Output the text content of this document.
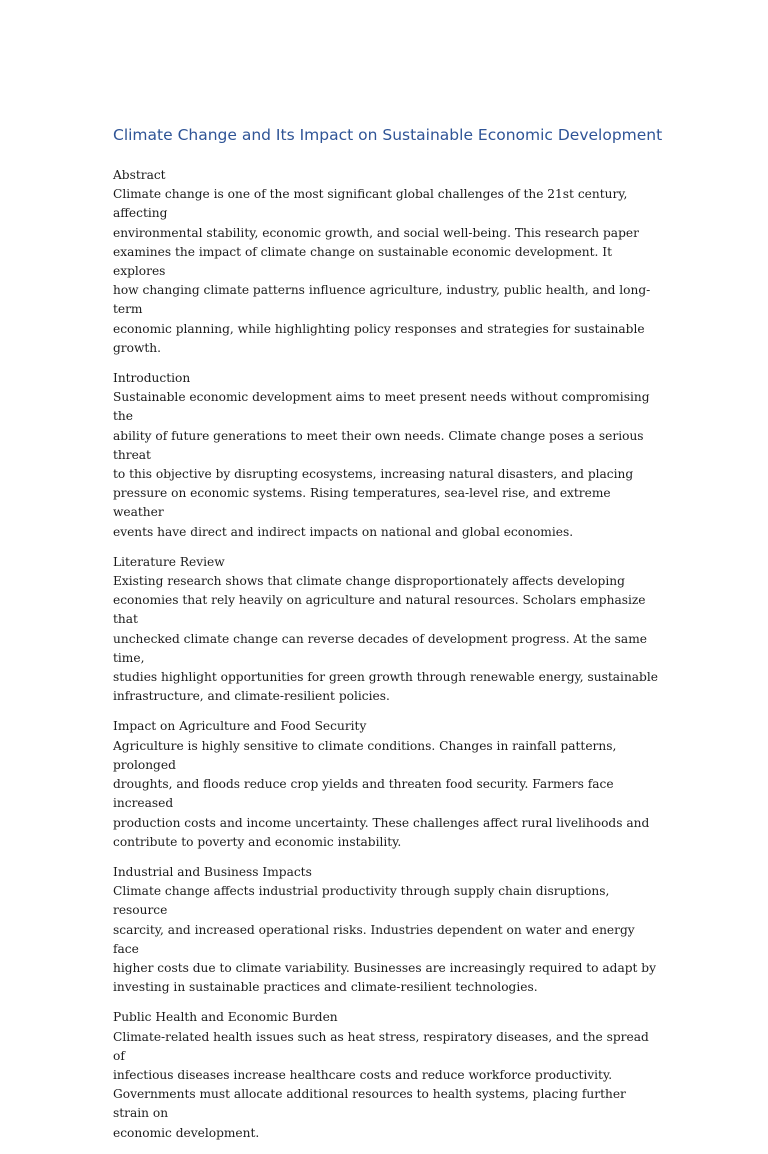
Climate Change and Its Impact on Sustainable Economic Development

Abstract

Climate change is one of the most significant global challenges of the 21st century, affecting
environmental stability, economic growth, and social well-being. This research paper
examines the impact of climate change on sustainable economic development. It explores
how changing climate patterns influence agriculture, industry, public health, and long-term
economic planning, while highlighting policy responses and strategies for sustainable
growth.

Introduction

Sustainable economic development aims to meet present needs without compromising the
ability of future generations to meet their own needs. Climate change poses a serious threat
to this objective by disrupting ecosystems, increasing natural disasters, and placing
pressure on economic systems. Rising temperatures, sea-level rise, and extreme weather
events have direct and indirect impacts on national and global economies.

Literature Review

Existing research shows that climate change disproportionately affects developing
economies that rely heavily on agriculture and natural resources. Scholars emphasize that
unchecked climate change can reverse decades of development progress. At the same time,
studies highlight opportunities for green growth through renewable energy, sustainable
infrastructure, and climate-resilient policies.

Impact on Agriculture and Food Security

Agriculture is highly sensitive to climate conditions. Changes in rainfall patterns, prolonged
droughts, and floods reduce crop yields and threaten food security. Farmers face increased
production costs and income uncertainty. These challenges affect rural livelihoods and
contribute to poverty and economic instability.

Industrial and Business Impacts

Climate change affects industrial productivity through supply chain disruptions, resource
scarcity, and increased operational risks. Industries dependent on water and energy face
higher costs due to climate variability. Businesses are increasingly required to adapt by
investing in sustainable practices and climate-resilient technologies.

Public Health and Economic Burden

Climate-related health issues such as heat stress, respiratory diseases, and the spread of
infectious diseases increase healthcare costs and reduce workforce productivity.
Governments must allocate additional resources to health systems, placing further strain on
economic development.
